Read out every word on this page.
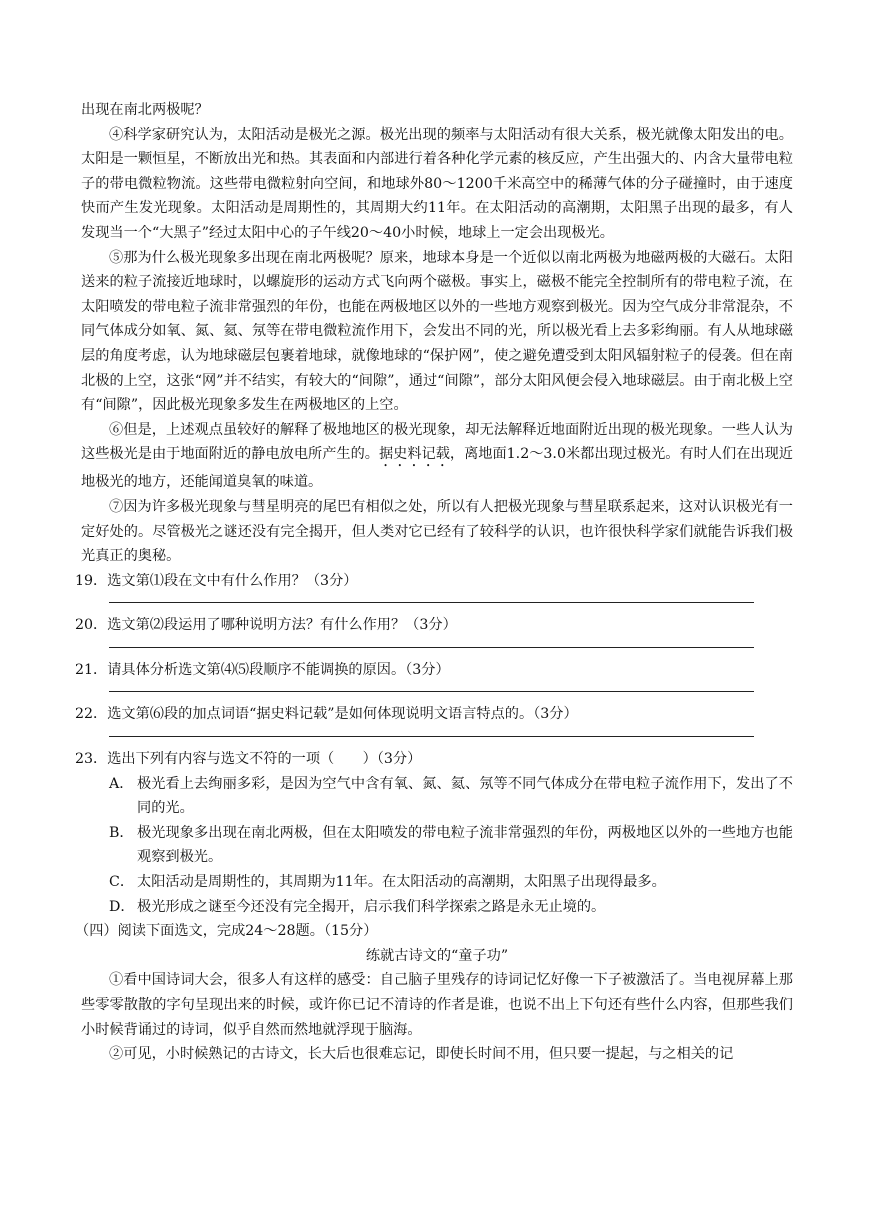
出现在南北两极呢？

④科学家研究认为，太阳活动是极光之源。极光出现的频率与太阳活动有很大关系，极光就像太阳发出的电。太阳是一颗恒星，不断放出光和热。其表面和内部进行着各种化学元素的核反应，产生出强大的、内含大量带电粒子的带电微粒物流。这些带电微粒射向空间，和地球外80～1200千米高空中的稀薄气体的分子碰撞时，由于速度快而产生发光现象。太阳活动是周期性的，其周期大约11年。在太阳活动的高潮期，太阳黑子出现的最多，有人发现当一个“大黑子”经过太阳中心的子午线20～40小时候，地球上一定会出现极光。

⑤那为什么极光现象多出现在南北两极呢？原来，地球本身是一个近似以南北两极为地磁两极的大磁石。太阳送来的粒子流接近地球时，以螺旋形的运动方式飞向两个磁极。事实上，磁极不能完全控制所有的带电粒子流，在太阳喷发的带电粒子流非常强烈的年份，也能在两极地区以外的一些地方观察到极光。因为空气成分非常混杂，不同气体成分如氧、氮、氦、氖等在带电微粒流作用下，会发出不同的光，所以极光看上去多彩绚丽。有人从地球磁层的角度考虑，认为地球磁层包裹着地球，就像地球的“保护网”，使之避免遭受到太阳风辐射粒子的侵袭。但在南北极的上空，这张“网”并不结实，有较大的“间隙”，通过“间隙”，部分太阳风便会侵入地球磁层。由于南北极上空有“间隙”，因此极光现象多发生在两极地区的上空。

⑥但是，上述观点虽较好的解释了极地地区的极光现象，却无法解释近地面附近出现的极光现象。一些人认为这些极光是由于地面附近的静电放电所产生的。据史料记载，离地面1.2～3.0米都出现过极光。有时人们在出现近地极光的地方，还能闻道臭氧的味道。

⑦因为许多极光现象与彗星明亮的尾巴有相似之处，所以有人把极光现象与彗星联系起来，这对认识极光有一定好处的。尽管极光之谜还没有完全揭开，但人类对它已经有了较科学的认识，也许很快科学家们就能告诉我们极光真正的奥秘。

19．选文第⑴段在文中有什么作用？（3分）

20．选文第⑵段运用了哪种说明方法？有什么作用？（3分）

21．请具体分析选文第⑷⑸段顺序不能调换的原因。（3分）

22．选文第⑹段的加点词语“据史料记载”是如何体现说明文语言特点的。（3分）

23．选出下列有内容与选文不符的一项（　　）（3分）

A． 极光看上去绚丽多彩，是因为空气中含有氧、氮、氦、氖等不同气体成分在带电粒子流作用下，发出了不同的光。
B． 极光现象多出现在南北两极，但在太阳喷发的带电粒子流非常强烈的年份，两极地区以外的一些地方也能观察到极光。
C． 太阳活动是周期性的，其周期为11年。在太阳活动的高潮期，太阳黑子出现得最多。
D． 极光形成之谜至今还没有完全揭开，启示我们科学探索之路是永无止境的。

（四）阅读下面选文，完成24～28题。（15分）

练就古诗文的“童子功”

①看中国诗词大会，很多人有这样的感受：自己脑子里残存的诗词记忆好像一下子被激活了。当电视屏幕上那些零零散散的字句呈现出来的时候，或许你已记不清诗的作者是谁，也说不出上下句还有些什么内容，但那些我们小时候背诵过的诗词，似乎自然而然地就浮现于脑海。

②可见，小时候熟记的古诗文，长大后也很难忘记，即使长时间不用，但只要一提起，与之相关的记
